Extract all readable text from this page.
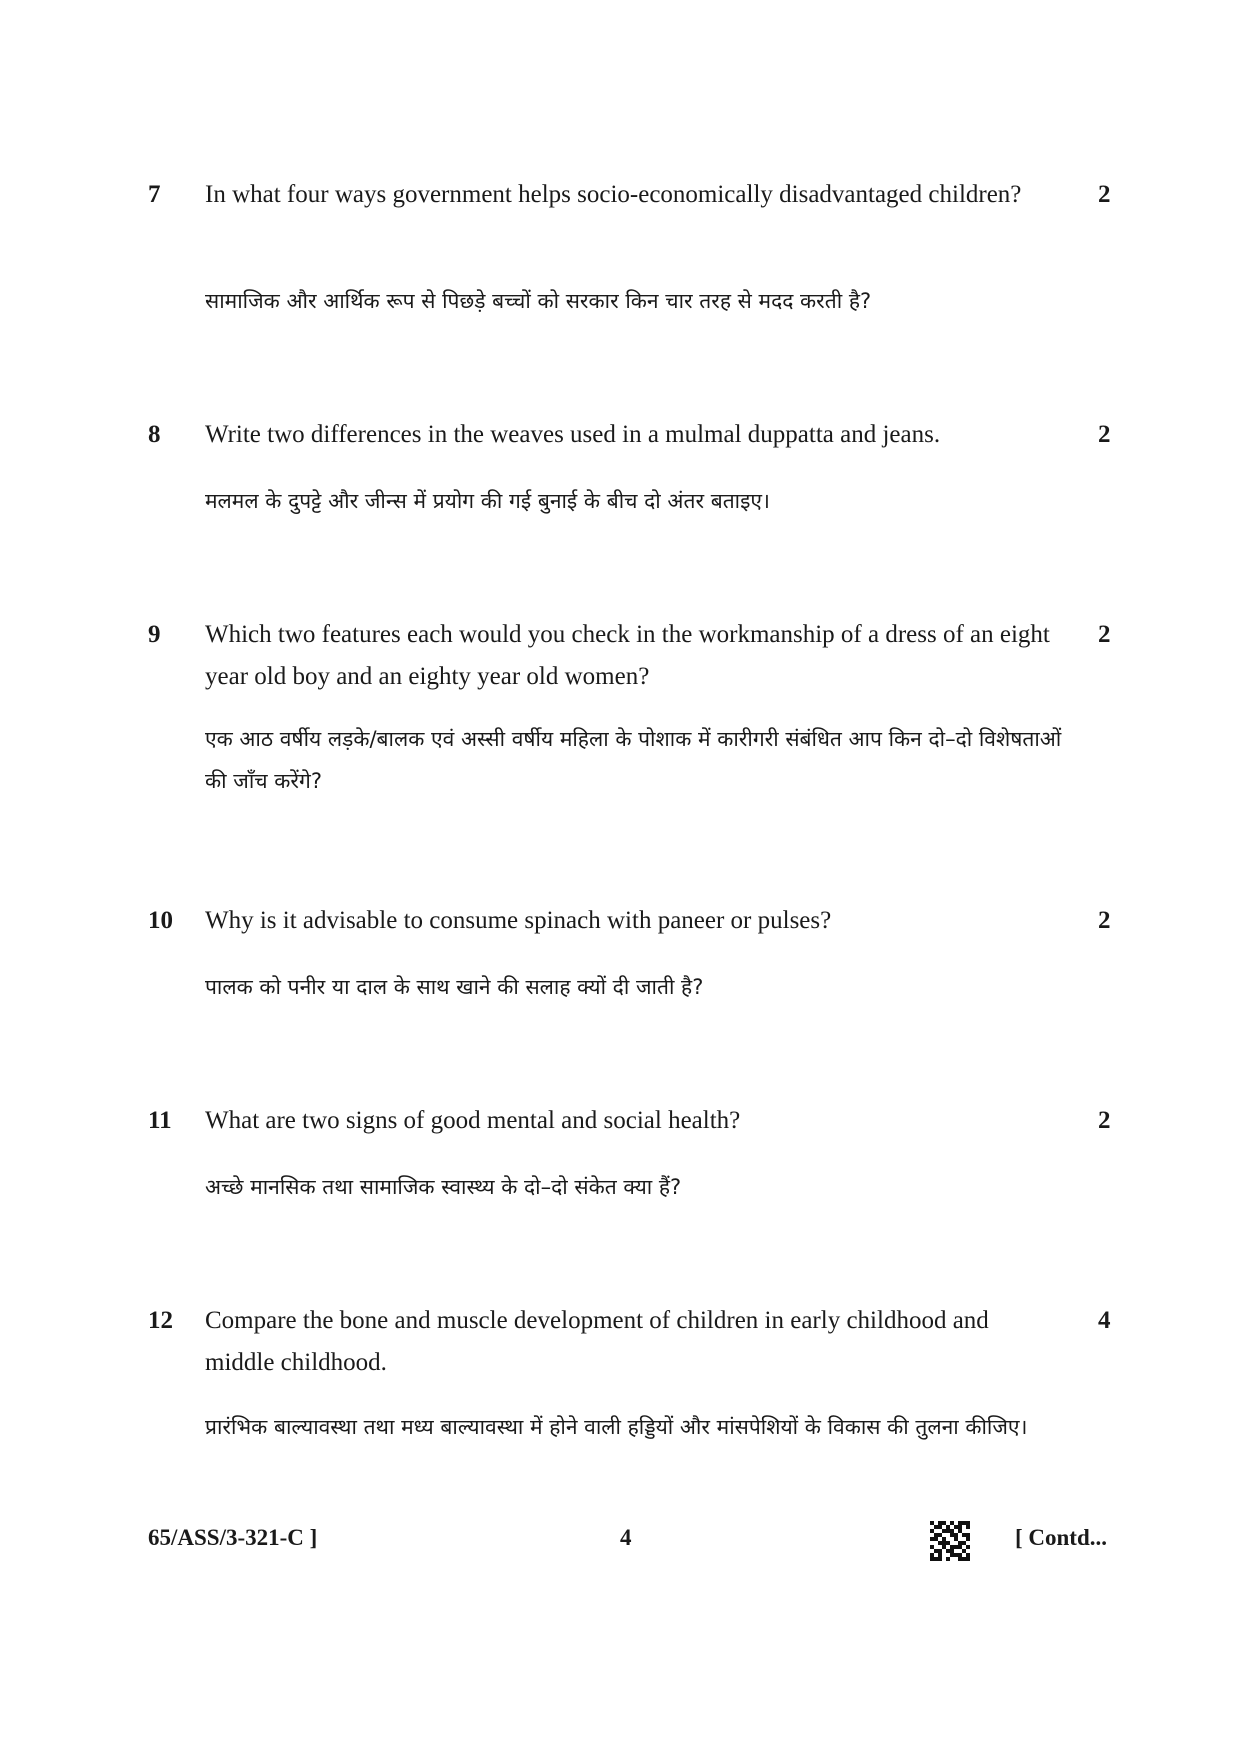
7 In what four ways government helps socio-economically disadvantaged children?	2
सामाजिक और आर्थिक रूप से पिछड़े बच्चों को सरकार किन चार तरह से मदद करती है?
8 Write two differences in the weaves used in a mulmal duppatta and jeans.	2
मलमल के दुपट्टे और जीन्स में प्रयोग की गई बुनाई के बीच दो अंतर बताइए।
9 Which two features each would you check in the workmanship of a dress of an eight year old boy and an eighty year old women?
2
एक आठ वर्षीय लड़के/बालक एवं अस्सी वर्षीय महिला के पोशाक में कारीगरी संबंधित आप किन दो–दो विशेषताओं की जाँच करेंगे?
10 Why is it advisable to consume spinach with paneer or pulses?	2
पालक को पनीर या दाल के साथ खाने की सलाह क्यों दी जाती है?
11 What are two signs of good mental and social health?	2
अच्छे मानसिक तथा सामाजिक स्वास्थ्य के दो–दो संकेत क्या हैं?
12 Compare the bone and muscle development of children in early childhood and middle childhood.
4
प्रारंभिक बाल्यावस्था तथा मध्य बाल्यावस्था में होने वाली हड्डियों और मांसपेशियों के विकास की तुलना कीजिए।
65/ASS/3-321-C ]	4	[ Contd...
